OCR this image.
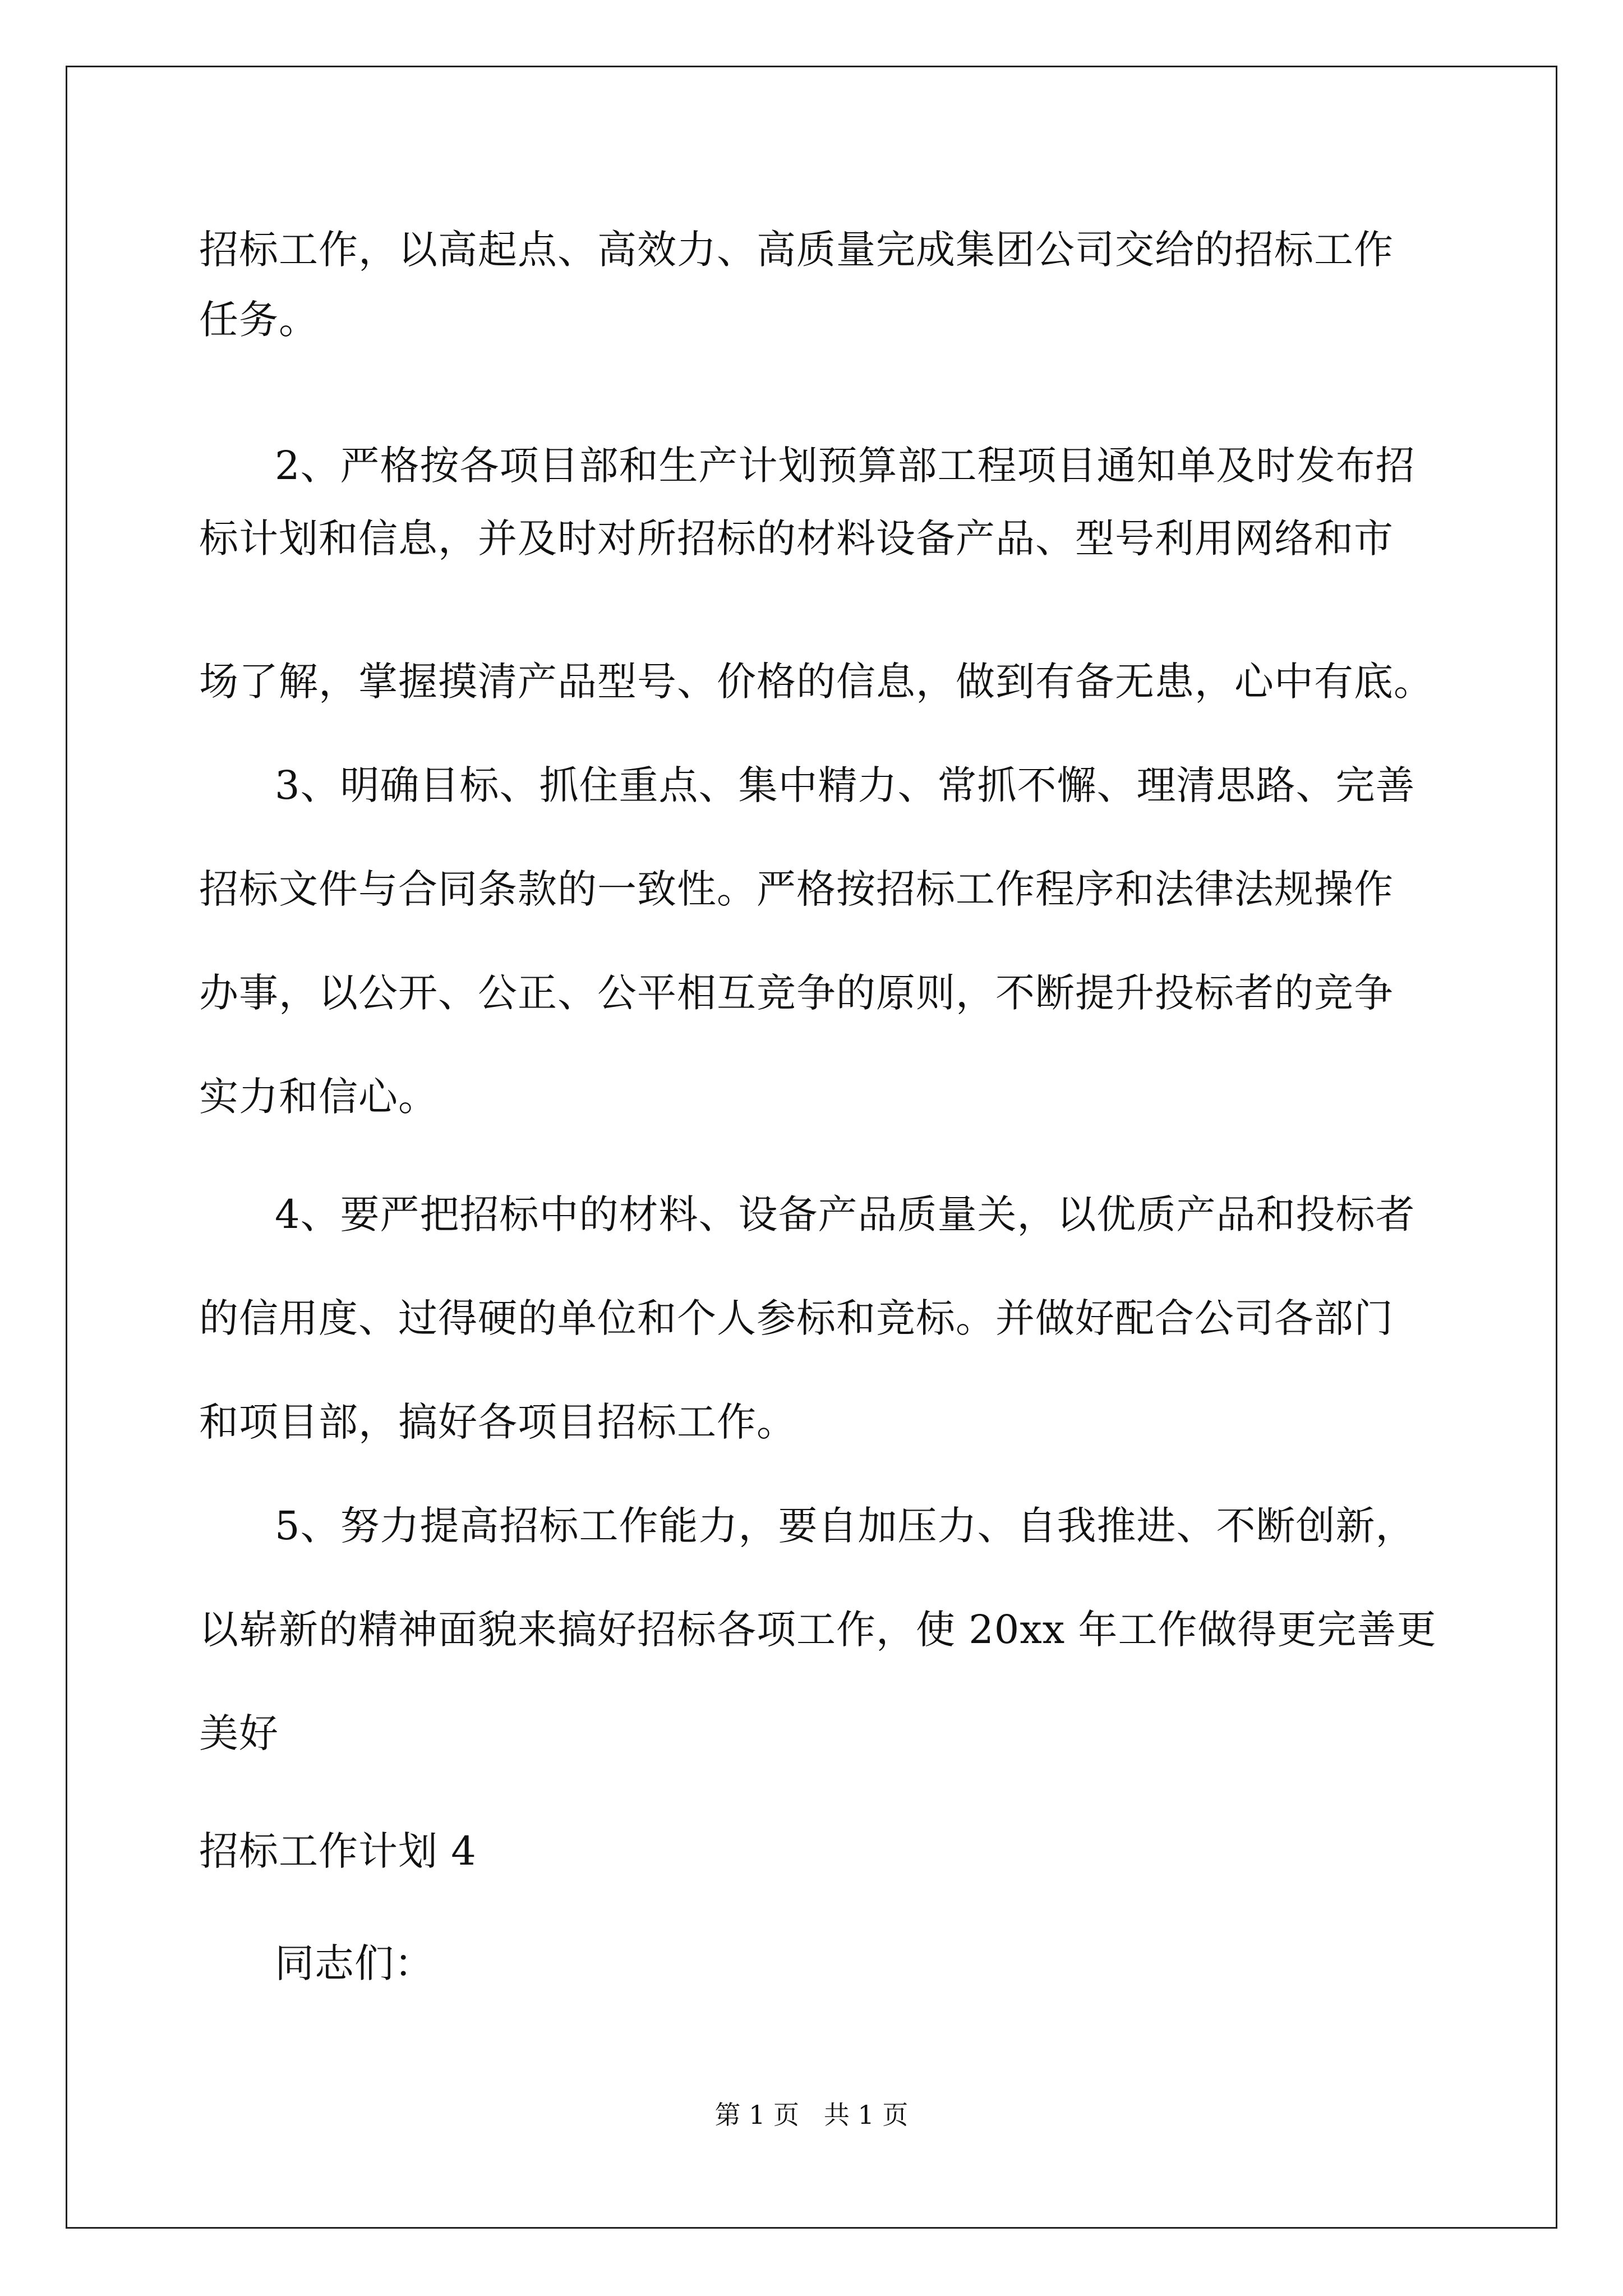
招标工作，以高起点、高效力、高质量完成集团公司交给的招标工作
任务。
2、严格按各项目部和生产计划预算部工程项目通知单及时发布招
标计划和信息，并及时对所招标的材料设备产品、型号利用网络和市
场了解，掌握摸清产品型号、价格的信息，做到有备无患，心中有底。
3、明确目标、抓住重点、集中精力、常抓不懈、理清思路、完善
招标文件与合同条款的一致性。严格按招标工作程序和法律法规操作
办事，以公开、公正、公平相互竞争的原则，不断提升投标者的竞争
实力和信心。
4、要严把招标中的材料、设备产品质量关，以优质产品和投标者
的信用度、过得硬的单位和个人参标和竞标。并做好配合公司各部门
和项目部，搞好各项目招标工作。
5、努力提高招标工作能力，要自加压力、自我推进、不断创新，
以崭新的精神面貌来搞好招标各项工作，使 20xx 年工作做得更完善更
美好
招标工作计划 4
同志们：
第 1 页   共 1 页
